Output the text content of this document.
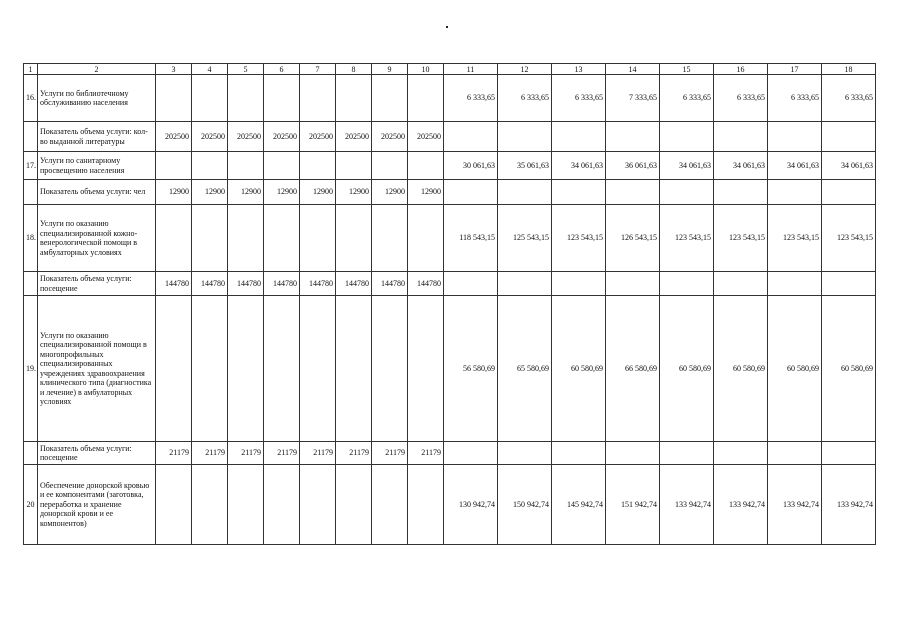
1	2	3	4	5	6	7	8	9	10	11	12	13	14	15	16	17	18
16.	Услуги по библиотечному обслуживанию населения									6 333,65	6 333,65	6 333,65	7 333,65	6 333,65	6 333,65	6 333,65	6 333,65
	Показатель объема услуги: кол-во выданной литературы	202500	202500	202500	202500	202500	202500	202500	202500								
17.	Услуги по санитарному просвещению населения									30 061,63	35 061,63	34 061,63	36 061,63	34 061,63	34 061,63	34 061,63	34 061,63
	Показатель объема услуги: чел	12900	12900	12900	12900	12900	12900	12900	12900								
18.	Услуги по оказанию специализированной кожно-венерологической помощи в амбулаторных условиях									118 543,15	125 543,15	123 543,15	126 543,15	123 543,15	123 543,15	123 543,15	123 543,15
	Показатель объема услуги: посещение	144780	144780	144780	144780	144780	144780	144780	144780								
19.	Услуги по оказанию специализированной помощи в многопрофильных специализированных учреждениях здравоохранения клинического типа (диагностика и лечение) в амбулаторных условиях									56 580,69	65 580,69	60 580,69	66 580,69	60 580,69	60 580,69	60 580,69	60 580,69
	Показатель объема услуги: посещение	21179	21179	21179	21179	21179	21179	21179	21179								
20	Обеспечение донорской кровью и ее компонентами (заготовка, переработка и хранение донорской крови и ее компонентов)									130 942,74	150 942,74	145 942,74	151 942,74	133 942,74	133 942,74	133 942,74	133 942,74
